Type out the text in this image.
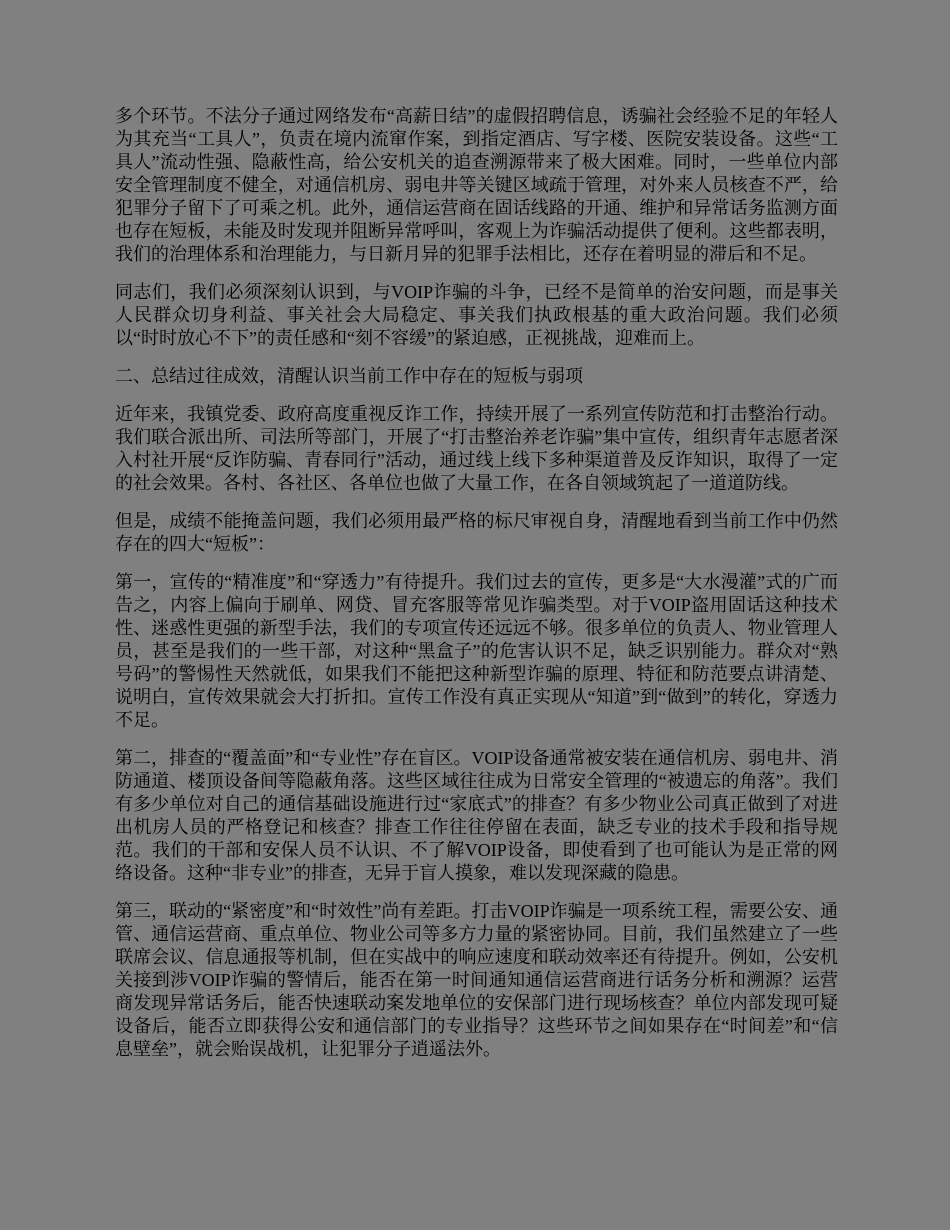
多个环节。不法分子通过网络发布“高薪日结”的虚假招聘信息，诱骗社会经验不足的年轻人为其充当“工具人”，负责在境内流窜作案，到指定酒店、写字楼、医院安装设备。这些“工具人”流动性强、隐蔽性高，给公安机关的追查溯源带来了极大困难。同时，一些单位内部安全管理制度不健全，对通信机房、弱电井等关键区域疏于管理，对外来人员核查不严，给犯罪分子留下了可乘之机。此外，通信运营商在固话线路的开通、维护和异常话务监测方面也存在短板，未能及时发现并阻断异常呼叫，客观上为诈骗活动提供了便利。这些都表明，我们的治理体系和治理能力，与日新月异的犯罪手法相比，还存在着明显的滞后和不足。

同志们，我们必须深刻认识到，与VOIP诈骗的斗争，已经不是简单的治安问题，而是事关人民群众切身利益、事关社会大局稳定、事关我们执政根基的重大政治问题。我们必须以“时时放心不下”的责任感和“刻不容缓”的紧迫感，正视挑战，迎难而上。

二、总结过往成效，清醒认识当前工作中存在的短板与弱项

近年来，我镇党委、政府高度重视反诈工作，持续开展了一系列宣传防范和打击整治行动。我们联合派出所、司法所等部门，开展了“打击整治养老诈骗”集中宣传，组织青年志愿者深入村社开展“反诈防骗、青春同行”活动，通过线上线下多种渠道普及反诈知识，取得了一定的社会效果。各村、各社区、各单位也做了大量工作，在各自领域筑起了一道道防线。

但是，成绩不能掩盖问题，我们必须用最严格的标尺审视自身，清醒地看到当前工作中仍然存在的四大“短板”：

第一，宣传的“精准度”和“穿透力”有待提升。我们过去的宣传，更多是“大水漫灌”式的广而告之，内容上偏向于刷单、网贷、冒充客服等常见诈骗类型。对于VOIP盗用固话这种技术性、迷惑性更强的新型手法，我们的专项宣传还远远不够。很多单位的负责人、物业管理人员，甚至是我们的一些干部，对这种“黑盒子”的危害认识不足，缺乏识别能力。群众对“熟号码”的警惕性天然就低，如果我们不能把这种新型诈骗的原理、特征和防范要点讲清楚、说明白，宣传效果就会大打折扣。宣传工作没有真正实现从“知道”到“做到”的转化，穿透力不足。

第二，排查的“覆盖面”和“专业性”存在盲区。VOIP设备通常被安装在通信机房、弱电井、消防通道、楼顶设备间等隐蔽角落。这些区域往往成为日常安全管理的“被遗忘的角落”。我们有多少单位对自己的通信基础设施进行过“家底式”的排查？有多少物业公司真正做到了对进出机房人员的严格登记和核查？排查工作往往停留在表面，缺乏专业的技术手段和指导规范。我们的干部和安保人员不认识、不了解VOIP设备，即使看到了也可能认为是正常的网络设备。这种“非专业”的排查，无异于盲人摸象，难以发现深藏的隐患。

第三，联动的“紧密度”和“时效性”尚有差距。打击VOIP诈骗是一项系统工程，需要公安、通管、通信运营商、重点单位、物业公司等多方力量的紧密协同。目前，我们虽然建立了一些联席会议、信息通报等机制，但在实战中的响应速度和联动效率还有待提升。例如，公安机关接到涉VOIP诈骗的警情后，能否在第一时间通知通信运营商进行话务分析和溯源？运营商发现异常话务后，能否快速联动案发地单位的安保部门进行现场核查？单位内部发现可疑设备后，能否立即获得公安和通信部门的专业指导？这些环节之间如果存在“时间差”和“信息壁垒”，就会贻误战机，让犯罪分子逍遥法外。
